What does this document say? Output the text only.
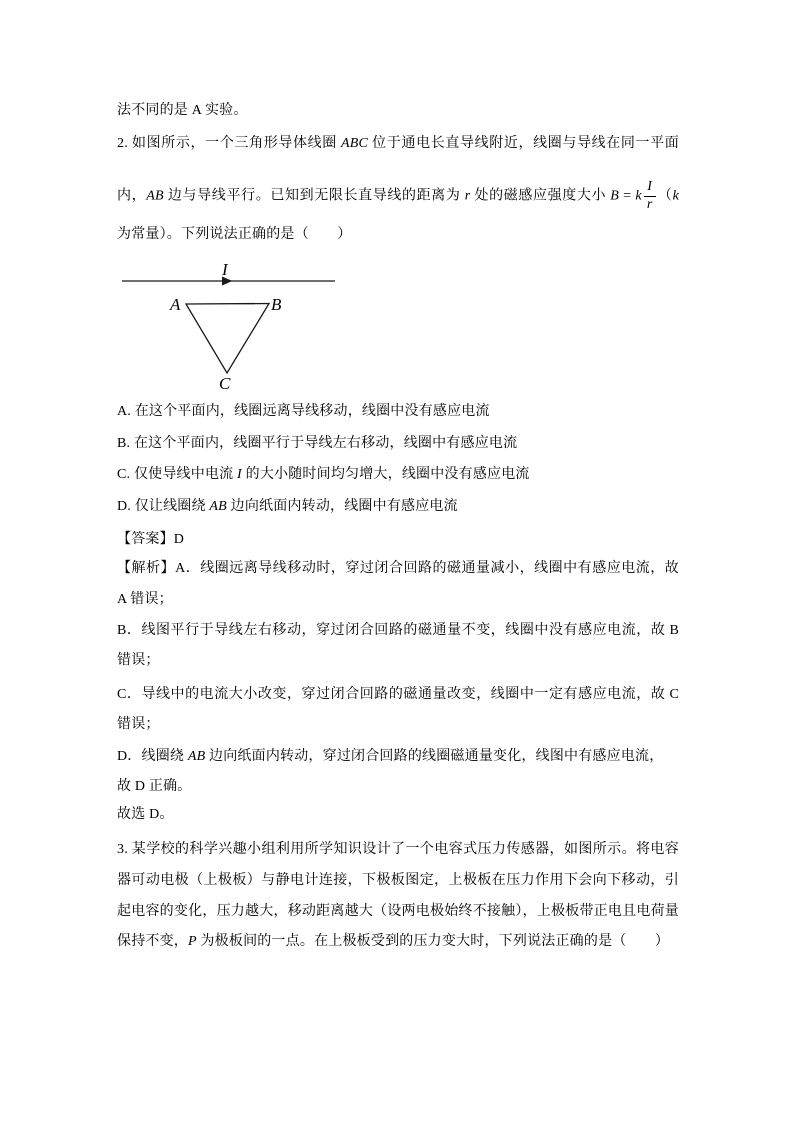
法不同的是 A 实验。
2. 如图所示，一个三角形导体线圈 ABC 位于通电长直导线附近，线圈与导线在同一平面
内，AB 边与导线平行。已知到无限长直导线的距离为 r 处的磁感应强度大小 B = k $\frac{I}{r} (k$
为常量）。下列说法正确的是（　　）
I
A	B
C
A. 在这个平面内，线圈远离导线移动，线圈中没有感应电流
B. 在这个平面内，线圈平行于导线左右移动，线圈中有感应电流
C. 仅使导线中电流 I 的大小随时间均匀增大，线圈中没有感应电流
D. 仅让线圈绕 AB 边向纸面内转动，线圈中有感应电流
【答案】D
【解析】A．线圈远离导线移动时，穿过闭合回路的磁通量减小，线圈中有感应电流，故
A 错误；
B．线图平行于导线左右移动，穿过闭合回路的磁通量不变，线圈中没有感应电流，故 B
错误；
C．导线中的电流大小改变，穿过闭合回路的磁通量改变，线圈中一定有感应电流，故 C
错误；
D．线圈绕 AB 边向纸面内转动，穿过闭合回路的线圈磁通量变化，线图中有感应电流，
故 D 正确。
故选 D。
3. 某学校的科学兴趣小组利用所学知识设计了一个电容式压力传感器，如图所示。将电容
器可动电极（上极板）与静电计连接，下极板图定，上极板在压力作用下会向下移动，引
起电容的变化，压力越大，移动距离越大（设两电极始终不接触），上极板带正电且电荷量
保持不变，P 为极板间的一点。在上极板受到的压力变大时，下列说法正确的是（　　）
